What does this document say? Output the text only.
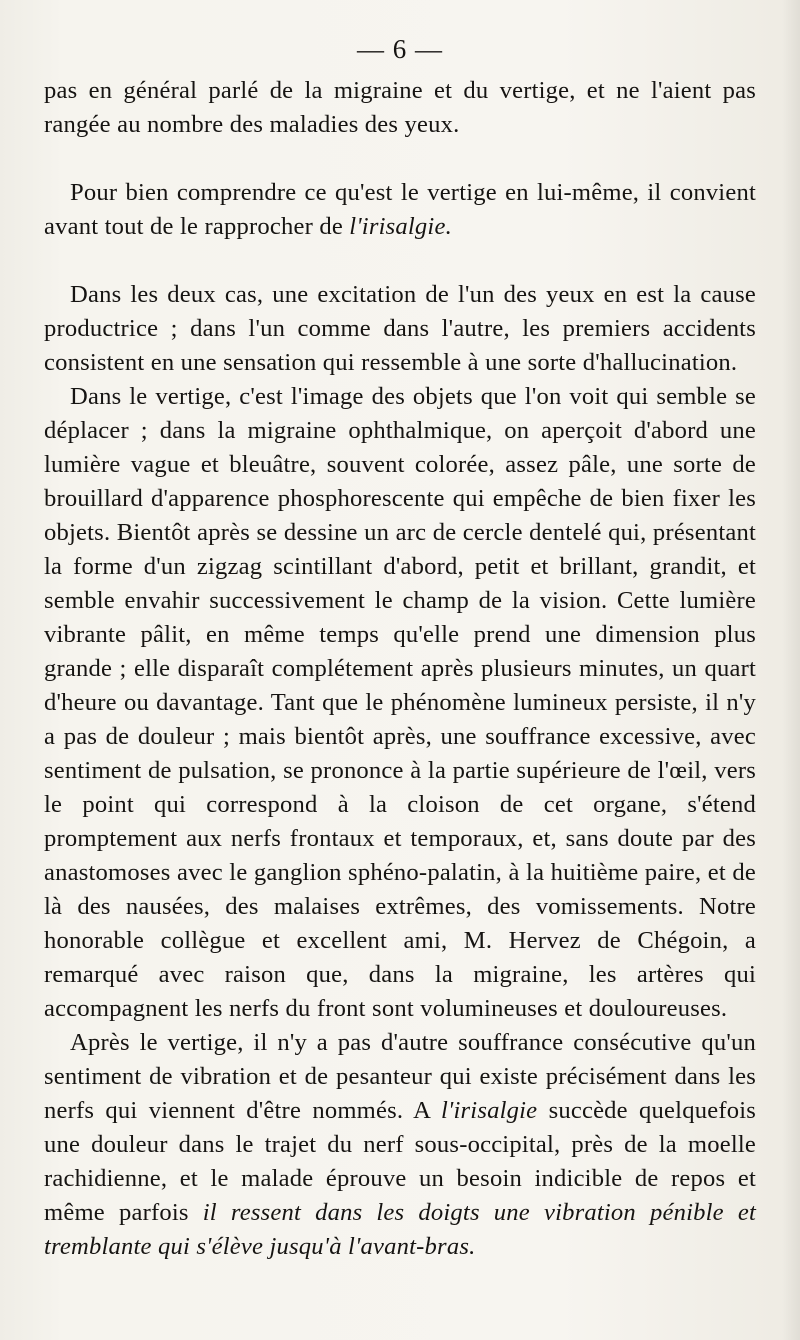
— 6 —

pas en général parlé de la migraine et du vertige, et ne l'aient pas rangée au nombre des maladies des yeux.

Pour bien comprendre ce qu'est le vertige en lui-même, il convient avant tout de le rapprocher de l'irisalgie.

Dans les deux cas, une excitation de l'un des yeux en est la cause productrice ; dans l'un comme dans l'autre, les premiers accidents consistent en une sensation qui ressemble à une sorte d'hallucination.

Dans le vertige, c'est l'image des objets que l'on voit qui semble se déplacer ; dans la migraine ophthalmique, on aperçoit d'abord une lumière vague et bleuâtre, souvent colorée, assez pâle, une sorte de brouillard d'apparence phosphorescente qui empêche de bien fixer les objets. Bientôt après se dessine un arc de cercle dentelé qui, présentant la forme d'un zigzag scintillant d'abord, petit et brillant, grandit, et semble envahir successivement le champ de la vision. Cette lumière vibrante pâlit, en même temps qu'elle prend une dimension plus grande ; elle disparaît complétement après plusieurs minutes, un quart d'heure ou davantage. Tant que le phénomène lumineux persiste, il n'y a pas de douleur ; mais bientôt après, une souffrance excessive, avec sentiment de pulsation, se prononce à la partie supérieure de l'œil, vers le point qui correspond à la cloison de cet organe, s'étend promptement aux nerfs frontaux et temporaux, et, sans doute par des anastomoses avec le ganglion sphéno-palatin, à la huitième paire, et de là des nausées, des malaises extrêmes, des vomissements. Notre honorable collègue et excellent ami, M. Hervez de Chégoin, a remarqué avec raison que, dans la migraine, les artères qui accompagnent les nerfs du front sont volumineuses et douloureuses.

Après le vertige, il n'y a pas d'autre souffrance consécutive qu'un sentiment de vibration et de pesanteur qui existe précisément dans les nerfs qui viennent d'être nommés. A l'irisalgie succède quelquefois une douleur dans le trajet du nerf sous-occipital, près de la moelle rachidienne, et le malade éprouve un besoin indicible de repos et même parfois il ressent dans les doigts une vibration pénible et tremblante qui s'élève jusqu'à l'avant-bras.
